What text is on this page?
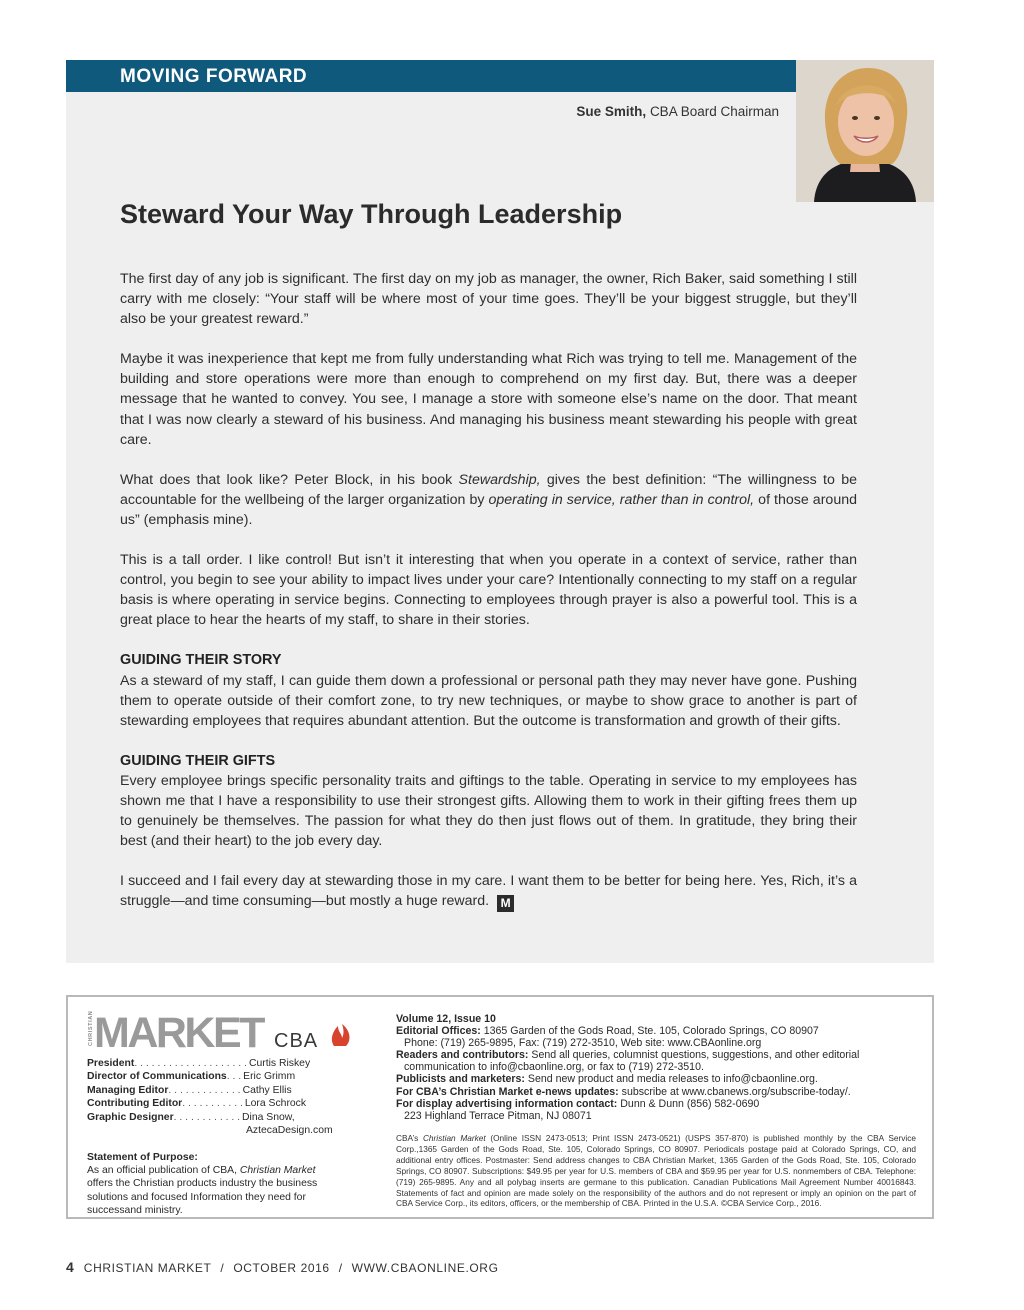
MOVING FORWARD
Sue Smith, CBA Board Chairman
Steward Your Way Through Leadership

The first day of any job is significant. The first day on my job as manager, the owner, Rich Baker, said something I still carry with me closely: “Your staff will be where most of your time goes. They’ll be your biggest struggle, but they’ll also be your greatest reward.”

Maybe it was inexperience that kept me from fully understanding what Rich was trying to tell me. Management of the building and store operations were more than enough to comprehend on my first day. But, there was a deeper message that he wanted to convey. You see, I manage a store with someone else’s name on the door. That meant that I was now clearly a steward of his business. And managing his business meant stewarding his people with great care.

What does that look like? Peter Block, in his book Stewardship, gives the best definition: “The willingness to be accountable for the wellbeing of the larger organization by operating in service, rather than in control, of those around us” (emphasis mine).

This is a tall order. I like control! But isn’t it interesting that when you operate in a context of service, rather than control, you begin to see your ability to impact lives under your care? Intentionally connecting to my staff on a regular basis is where operating in service begins. Connecting to employees through prayer is also a powerful tool. This is a great place to hear the hearts of my staff, to share in their stories.

GUIDING THEIR STORY

As a steward of my staff, I can guide them down a professional or personal path they may never have gone. Pushing them to operate outside of their comfort zone, to try new techniques, or maybe to show grace to another is part of stewarding employees that requires abundant attention. But the outcome is transformation and growth of their gifts.

GUIDING THEIR GIFTS

Every employee brings specific personality traits and giftings to the table. Operating in service to my employees has shown me that I have a responsibility to use their strongest gifts. Allowing them to work in their gifting frees them up to genuinely be themselves. The passion for what they do then just flows out of them. In gratitude, they bring their best (and their heart) to the job every day.

I succeed and I fail every day at stewarding those in my care. I want them to be better for being here. Yes, Rich, it’s a struggle—and time consuming—but mostly a huge reward. M

CHRISTIAN MARKET CBA
President . . . . . . . . . . . . . . . . . . . . Curtis Riskey
Director of Communications . . . Eric Grimm
Managing Editor . . . . . . . . . . . . . Cathy Ellis
Contributing Editor . . . . . . . . . . . Lora Schrock
Graphic Designer . . . . . . . . . . . . Dina Snow,
AztecaDesign.com
Statement of Purpose:
As an official publication of CBA, Christian Market offers the Christian products industry the business solutions and focused Information they need for successand ministry.
Volume 12, Issue 10
Editorial Offices: 1365 Garden of the Gods Road, Ste. 105, Colorado Springs, CO 80907
Phone: (719) 265-9895, Fax: (719) 272-3510, Web site: www.CBAonline.org
Readers and contributors: Send all queries, columnist questions, suggestions, and other editorial
communication to info@cbaonline.org, or fax to (719) 272-3510.
Publicists and marketers: Send new product and media releases to info@cbaonline.org.
For CBA’s Christian Market e-news updates: subscribe at www.cbanews.org/subscribe-today/.
For display advertising information contact: Dunn & Dunn (856) 582-0690
223 Highland Terrace Pitman, NJ 08071
CBA’s Christian Market (Online ISSN 2473-0513; Print ISSN 2473-0521) (USPS 357-870) is published monthly by the CBA Service Corp.,1365 Garden of the Gods Road, Ste. 105, Colorado Springs, CO 80907. Periodicals postage paid at Colorado Springs, CO, and additional entry offices. Postmaster: Send address changes to CBA Christian Market, 1365 Garden of the Gods Road, Ste. 105, Colorado Springs, CO 80907. Subscriptions: $49.95 per year for U.S. members of CBA and $59.95 per year for U.S. nonmembers of CBA. Telephone: (719) 265-9895. Any and all polybag inserts are germane to this publication. Canadian Publications Mail Agreement Number 40016843. Statements of fact and opinion are made solely on the responsibility of the authors and do not represent or imply an opinion on the part of CBA Service Corp., its editors, officers, or the membership of CBA. Printed in the U.S.A. ©CBA Service Corp., 2016.
4 CHRISTIAN MARKET / OCTOBER 2016 / WWW.CBAONLINE.ORG
